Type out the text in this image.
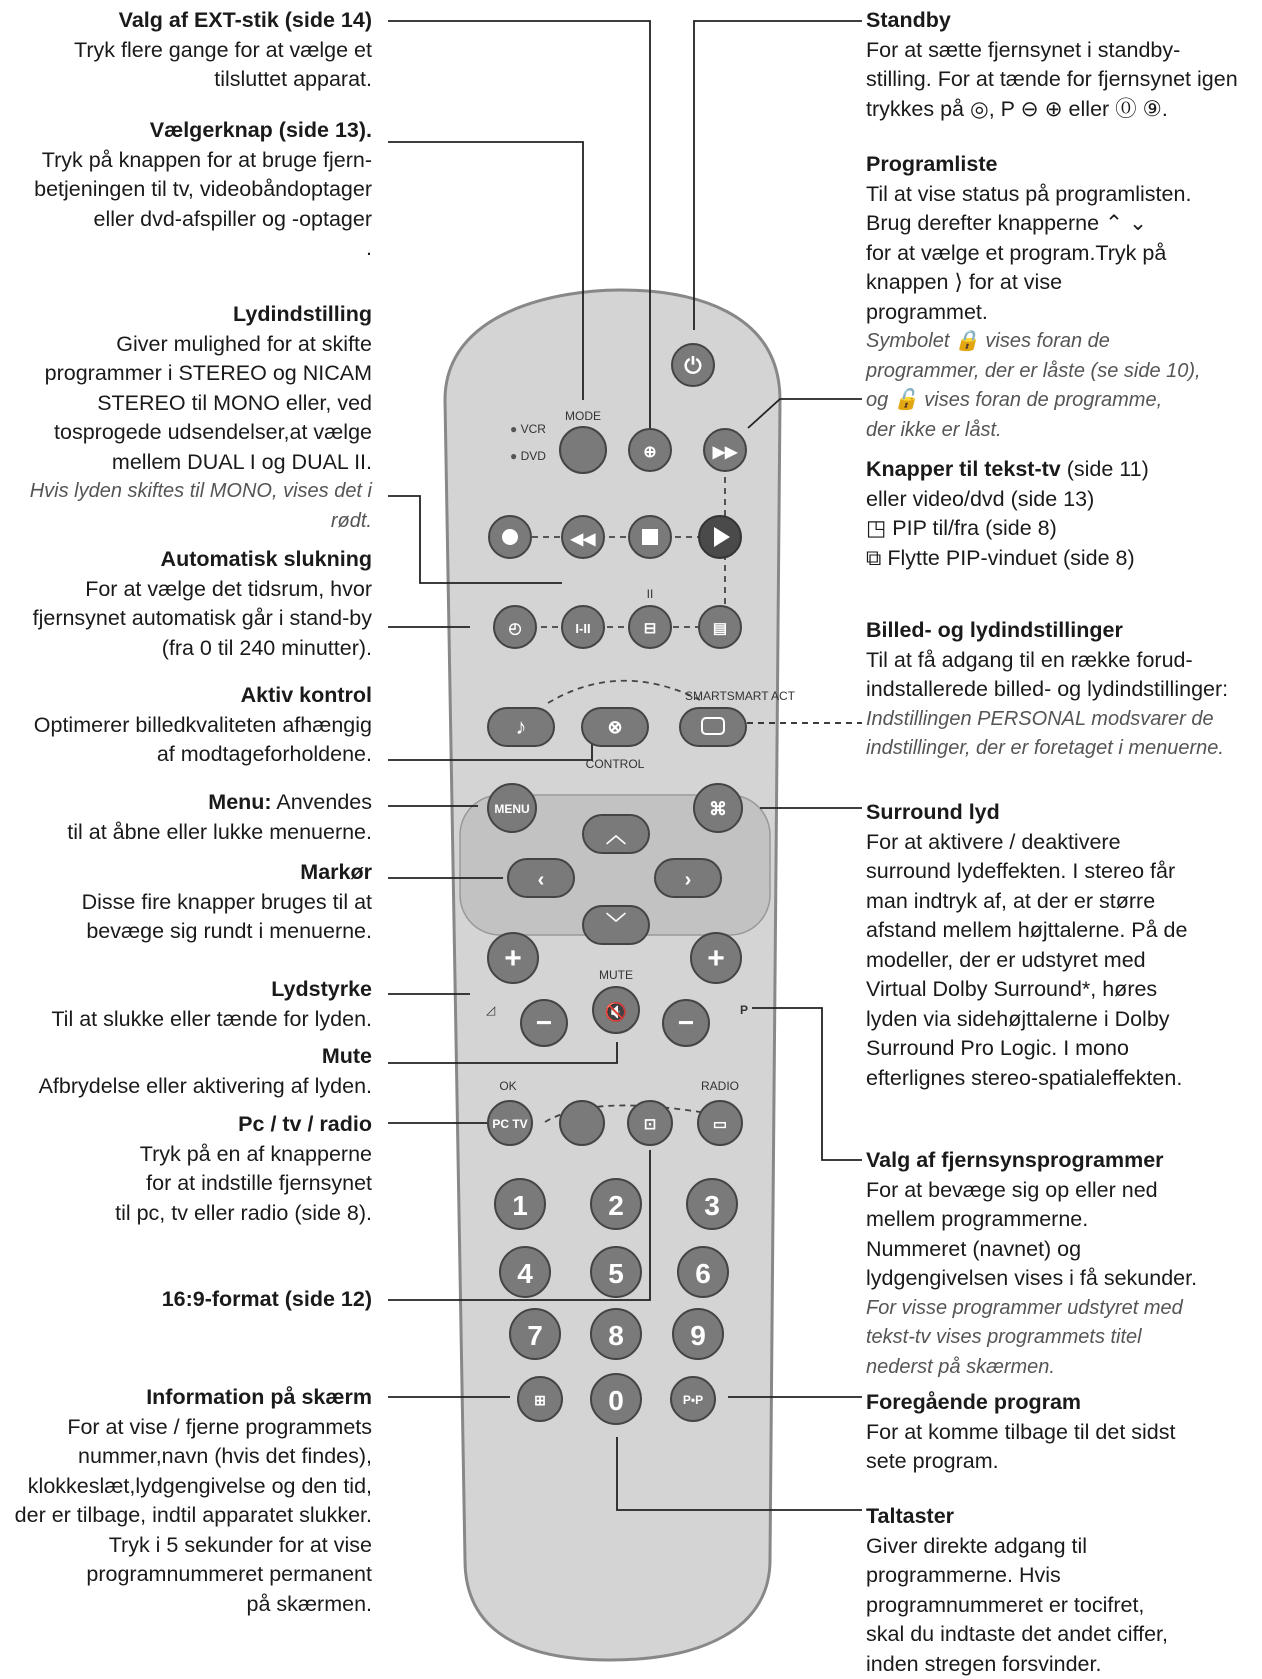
Valg af EXT-stik (side 14)
Tryk flere gange for at vælge et
tilsluttet apparat.
Vælgerknap (side 13).
Tryk på knappen for at bruge fjern-
betjeningen til tv, videobåndoptager
eller dvd-afspiller og -optager
.
Lydindstilling
Giver mulighed for at skifte
programmer i STEREO og NICAM
STEREO til MONO eller, ved
tosprogede udsendelser,at vælge
mellem DUAL I og DUAL II.
Hvis lyden skiftes til MONO, vises det i rødt.
Automatisk slukning
For at vælge det tidsrum, hvor
fjernsynet automatisk går i stand-by
(fra 0 til 240 minutter).
Aktiv kontrol
Optimerer billedkvaliteten afhængig
af modtageforholdene.
Menu: Anvendes
til at åbne eller lukke menuerne.
Markør
Disse fire knapper bruges til at
bevæge sig rundt i menuerne.
Lydstyrke
Til at slukke eller tænde for lyden.
Mute
Afbrydelse eller aktivering af lyden.
Pc / tv / radio
Tryk på en af knapperne
for at indstille fjernsynet
til pc, tv eller radio (side 8).
16:9-format (side 12)
Information på skærm
For at vise / fjerne programmets
nummer,navn (hvis det findes),
klokkeslæt,lydgengivelse og den tid,
der er tilbage, indtil apparatet slukker.
Tryk i 5 sekunder for at vise
programnummeret permanent
på skærmen.
Standby
For at sætte fjernsynet i standby-
stilling. For at tænde for fjernsynet igen
trykkes på ◎, P ⊖ ⊕ eller ⓪ ⑨.
Programliste
Til at vise status på programlisten.
Brug derefter knapperne ⌃ ⌄
for at vælge et program.Tryk på
knappen ⟩ for at vise
programmet.
Symbolet 🔒 vises foran de
programmer, der er låste (se side 10),
og 🔓 vises foran de programme,
der ikke er låst.
Knapper til tekst-tv (side 11)
eller video/dvd (side 13)
◳ PIP til/fra (side 8)
⧉ Flytte PIP-vinduet (side 8)
Billed- og lydindstillinger
Til at få adgang til en række forud-
indstallerede billed- og lydindstillinger:
Indstillingen PERSONAL modsvarer de
indstillinger, der er foretaget i menuerne.
Surround lyd
For at aktivere / deaktivere
surround lydeffekten. I stereo får
man indtryk af, at der er større
afstand mellem højttalerne. På de
modeller, der er udstyret med
Virtual Dolby Surround*, høres
lyden via sidehøjttalerne i Dolby
Surround Pro Logic. I mono
efterlignes stereo-spatialeffekten.
Valg af fjernsynsprogrammer
For at bevæge sig op eller ned
mellem programmerne.
Nummeret (navnet) og
lydgengivelsen vises i få sekunder.
For visse programmer udstyret med
tekst-tv vises programmets titel
nederst på skærmen.
Foregående program
For at komme tilbage til det sidst
sete program.
Taltaster
Giver direkte adgang til
programmerne. Hvis
programnummeret er tocifret,
skal du indtaste det andet ciffer,
inden stregen forsvinder.
⏻
● VCR
● DVD
MODE
⊕	▶▶
◀◀
◴	I-II
II
⊟	▤
♪	⊗
CONTROL
SMARTSMART ACT
MENU	⌘
︿
‹	›
﹀
+	+
◿ −
MUTE
🔇 −	P
OK	RADIO
PC TV	⊡	▭
1	2	3
4	5	6
7 8 9
⊞ 0	P•P
